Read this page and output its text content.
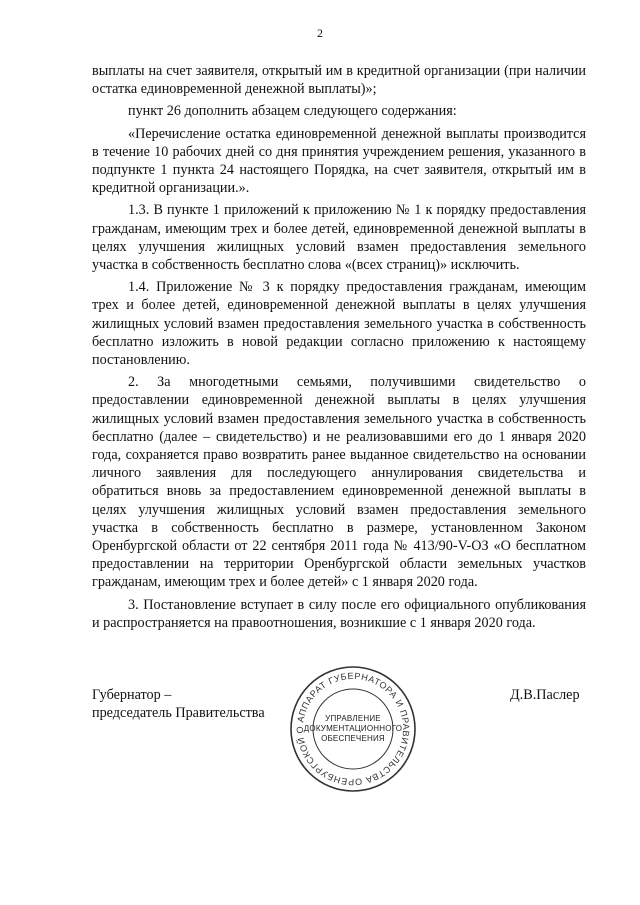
2

выплаты на счет заявителя, открытый им в кредитной организации (при наличии остатка единовременной денежной выплаты)»;

пункт 26 дополнить абзацем следующего содержания:

«Перечисление остатка единовременной денежной выплаты производится в течение 10 рабочих дней со дня принятия учреждением решения, указанного в подпункте 1 пункта 24 настоящего Порядка, на счет заявителя, открытый им в кредитной организации.».

1.3. В пункте 1 приложений к приложению № 1 к порядку предоставления гражданам, имеющим трех и более детей, единовременной денежной выплаты в целях улучшения жилищных условий взамен предоставления земельного участка в собственность бесплатно слова «(всех страниц)» исключить.

1.4. Приложение № 3 к порядку предоставления гражданам, имеющим трех и более детей, единовременной денежной выплаты в целях улучшения жилищных условий взамен предоставления земельного участка в собственность бесплатно изложить в новой редакции согласно приложению к настоящему постановлению.

2. За многодетными семьями, получившими свидетельство о предоставлении единовременной денежной выплаты в целях улучшения жилищных условий взамен предоставления земельного участка в собственность бесплатно (далее – свидетельство) и не реализовавшими его до 1 января 2020 года, сохраняется право возвратить ранее выданное свидетельство на основании личного заявления для последующего аннулирования свидетельства и обратиться вновь за предоставлением единовременной денежной выплаты в целях улучшения жилищных условий взамен предоставления земельного участка в собственность бесплатно в размере, установленном Законом Оренбургской области от 22 сентября 2011 года № 413/90-V-ОЗ «О бесплатном предоставлении на территории Оренбургской области земельных участков гражданам, имеющим трех и более детей» с 1 января 2020 года.

3. Постановление вступает в силу после его официального опубликования и распространяется на правоотношения, возникшие с 1 января 2020 года.

Губернатор –
председатель Правительства	АППАРАТ ГУБЕРНАТОРА И ПРАВИТЕЛЬСТВА ОРЕНБУРГСКОЙ О
УПРАВЛЕНИЕ
ДОКУМЕНТАЦИОННОГО
ОБЕСПЕЧЕНИЯ
Д.В.Паслер
